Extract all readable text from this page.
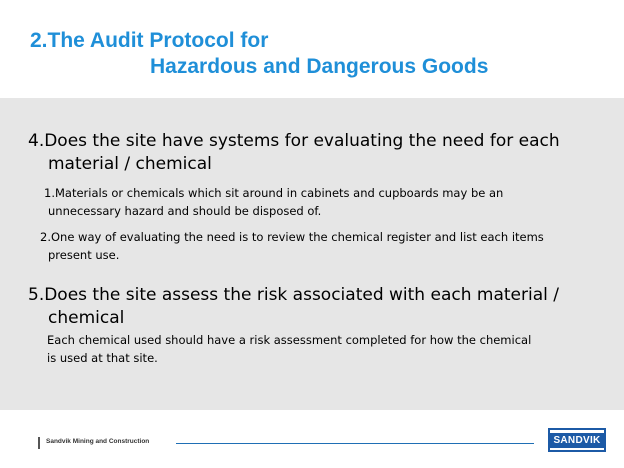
2.The Audit Protocol for
Hazardous and Dangerous Goods
4.Does the site have systems for evaluating the need for each
material / chemical
1.Materials or chemicals which sit around in cabinets and cupboards may be an
unnecessary hazard and should be disposed of.
2.One way of evaluating the need is to review the chemical register and list each items
present use.
5.Does the site assess the risk associated with each material /
chemical
Each chemical used should have a risk assessment completed for how the chemical
is used at that site.
Sandvik Mining and Construction	SANDVIK
